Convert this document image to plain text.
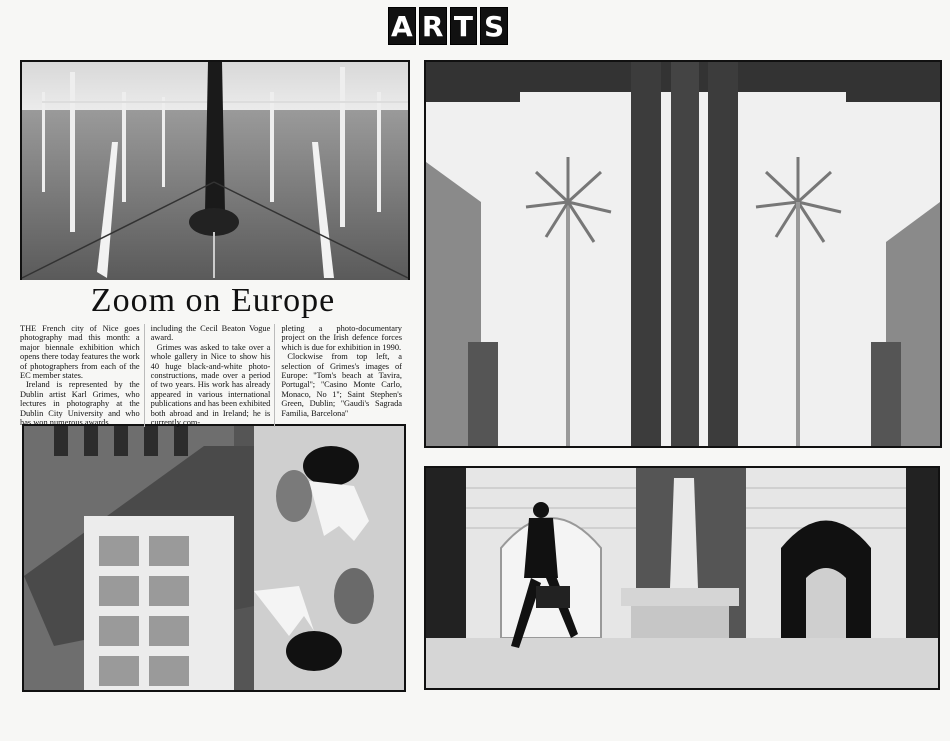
A R T S
Zoom on Europe

THE French city of Nice goes photography mad this month: a major biennale exhibition which opens there today features the work of photographers from each of the EC member states.

Ireland is represented by the Dublin artist Karl Grimes, who lectures in photography at the Dublin City University and who has won numerous awards,

including the Cecil Beaton Vogue award.

Grimes was asked to take over a whole gallery in Nice to show his 40 huge black-and-white photo-constructions, made over a period of two years. His work has already appeared in various international publications and has been exhibited both abroad and in Ireland; he is currently com-

pleting a photo-documentary project on the Irish defence forces which is due for exhibition in 1990.

Clockwise from top left, a selection of Grimes's images of Europe: ''Tom's beach at Tavira, Portugal''; ''Casino Monte Carlo, Monaco, No 1''; Saint Stephen's Green, Dublin; ''Gaudi's Sagrada Familia, Barcelona''
